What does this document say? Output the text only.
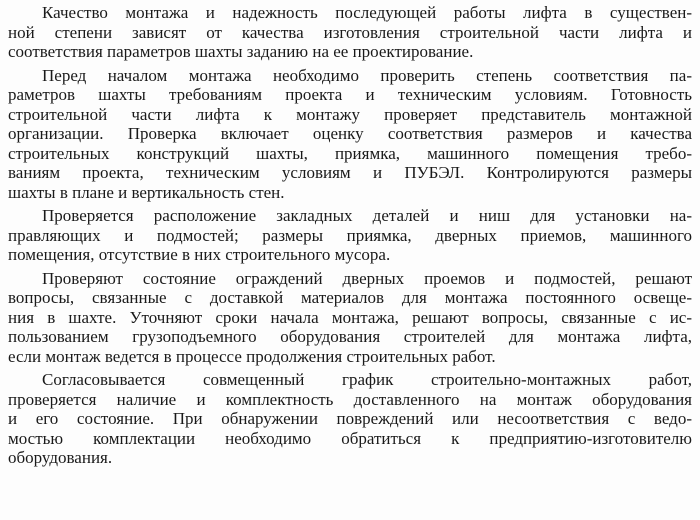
Качество монтажа и надежность последующей работы лифта в существен-
ной степени зависят от качества изготовления строительной части лифта и
соответствия параметров шахты заданию на ее проектирование.
Перед началом монтажа необходимо проверить степень соответствия па-
раметров шахты требованиям проекта и техническим условиям. Готовность
строительной части лифта к монтажу проверяет представитель монтажной
организации. Проверка включает оценку соответствия размеров и качества
строительных конструкций шахты, приямка, машинного помещения требо-
ваниям проекта, техническим условиям и ПУБЭЛ. Контролируются размеры
шахты в плане и вертикальность стен.
Проверяется расположение закладных деталей и ниш для установки на-
правляющих и подмостей; размеры приямка, дверных приемов, машинного
помещения, отсутствие в них строительного мусора.
Проверяют состояние ограждений дверных проемов и подмостей, решают
вопросы, связанные с доставкой материалов для монтажа постоянного освеще-
ния в шахте. Уточняют сроки начала монтажа, решают вопросы, связанные с ис-
пользованием грузоподъемного оборудования строителей для монтажа лифта,
если монтаж ведется в процессе продолжения строительных работ.
Согласовывается совмещенный график строительно-монтажных работ,
проверяется наличие и комплектность доставленного на монтаж оборудования
и его состояние. При обнаружении повреждений или несоответствия с ведо-
мостью комплектации необходимо обратиться к предприятию-изготовителю
оборудования.
